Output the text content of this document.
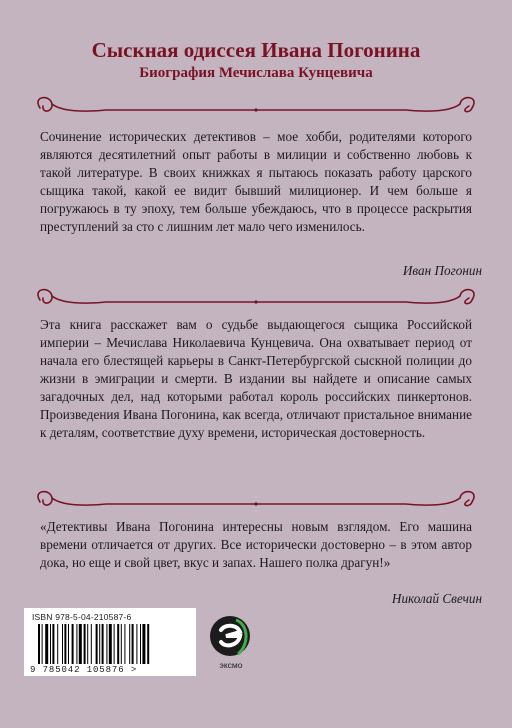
Сыскная одиссея Ивана Погонина
Биография Мечислава Кунцевича

Сочинение исторических детективов – мое хобби, родителями которого являются десятилетний опыт работы в милиции и собственно любовь к такой литературе. В своих книжках я пытаюсь показать работу царского сыщика такой, какой ее видит бывший милиционер. И чем больше я погружаюсь в ту эпоху, тем больше убеждаюсь, что в процессе раскрытия преступлений за сто с лишним лет мало чего изменилось.

Иван Погонин

Эта книга расскажет вам о судьбе выдающегося сыщика Российской империи – Мечислава Николаевича Кунцевича. Она охватывает период от начала его блестящей карьеры в Санкт-Петербургской сыскной полиции до жизни в эмиграции и смерти. В издании вы найдете и описание самых загадочных дел, над которыми работал король российских пинкертонов. Произведения Ивана Погонина, как всегда, отличают пристальное внимание к деталям, соответствие духу времени, историческая достоверность.

«Детективы Ивана Погонина интересны новым взглядом. Его машина времени отличается от других. Все исторически достоверно – в этом автор дока, но еще и свой цвет, вкус и запах. Нашего полка драгун!»

Николай Свечин
ISBN 978-5-04-210587-6
9 785042 105876 >	эксмо
